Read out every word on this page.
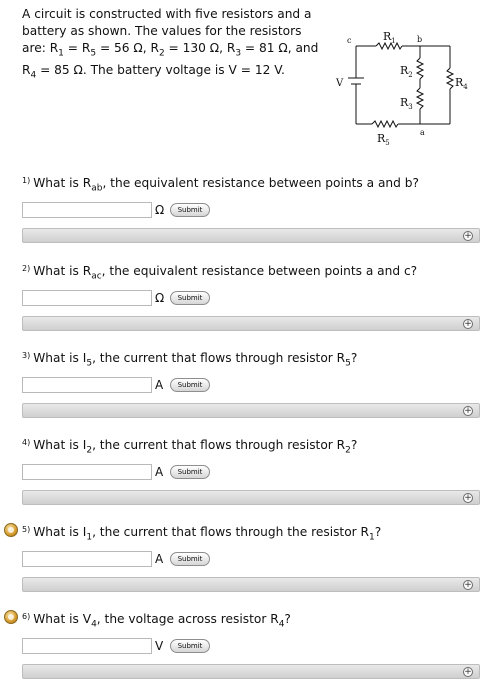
A circuit is constructed with five resistors and a
battery as shown. The values for the resistors
are: $R_1 = R_5 = 56$ Ω, $R_2 = 130$ Ω, $R_3 = 81$ Ω, and
$R_4 = 85$ Ω. The battery voltage is V = 12 V.
c	b
a
V
$R_1$
$R_2$
$R_3$
$R_4$
$R_5$
$^{1)}$ What is $R_{ab}$, the equivalent resistance between points a and b?
Ω	Submit
+
$^{2)}$ What is $R_{ac}$, the equivalent resistance between points a and c?
Ω	Submit
+
$^{3)}$ What is $I_5$, the current that flows through resistor $R_5$?
A	Submit
+
$^{4)}$ What is $I_2$, the current that flows through resistor $R_2$?
A	Submit
+
$^{5)}$ What is $I_1$, the current that flows through the resistor $R_1$?
A	Submit
+
$^{6)}$ What is $V_4$, the voltage across resistor $R_4$?
V	Submit
+
